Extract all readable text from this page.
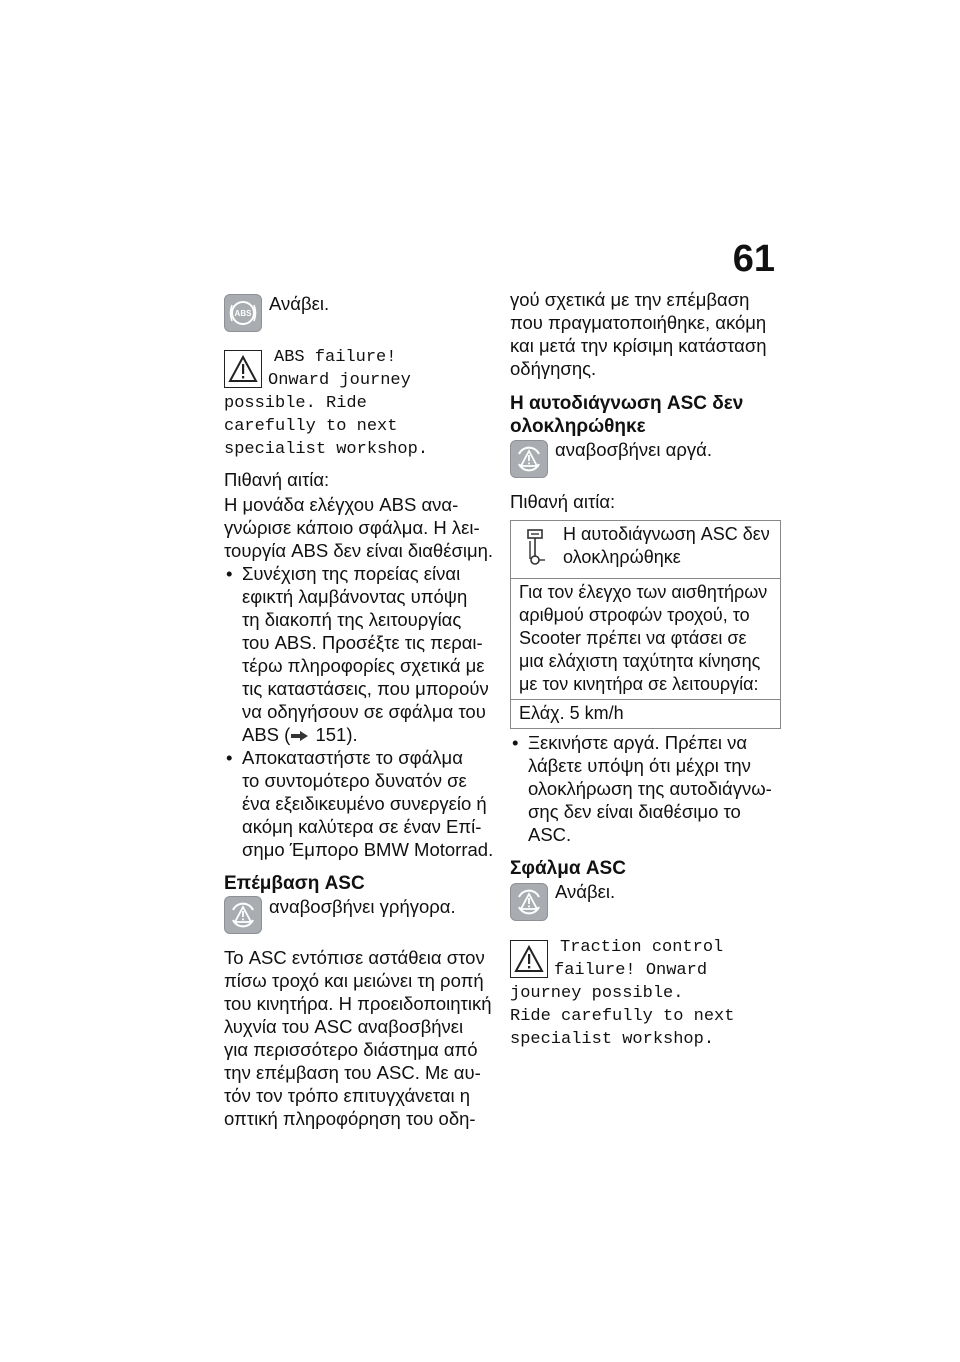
61
ABS Ανάβει.
ABS failure!
Onward journey
possible. Ride
carefully to next
specialist workshop.
Πιθανή αιτία:
Η μονάδα ελέγχου ABS ανα-
γνώρισε κάποιο σφάλμα. Η λει-
τουργία ABS δεν είναι διαθέσιμη.
• Συνέχιση της πορείας είναι
εφικτή λαμβάνοντας υπόψη
τη διακοπή της λειτουργίας
του ABS. Προσέξτε τις περαι-
τέρω πληροφορίες σχετικά με
τις καταστάσεις, που μπορούν
να οδηγήσουν σε σφάλμα του
ABS ( 151).
• Αποκαταστήστε το σφάλμα
το συντομότερο δυνατόν σε
ένα εξειδικευμένο συνεργείο ή
ακόμη καλύτερα σε έναν Επί-
σημο Έμπορο BMW Motorrad.
Επέμβαση ASC
αναβοσβήνει γρήγορα.
Το ASC εντόπισε αστάθεια στον
πίσω τροχό και μειώνει τη ροπή
του κινητήρα. Η προειδοποιητική
λυχνία του ASC αναβοσβήνει
για περισσότερο διάστημα από
την επέμβαση του ASC. Με αυ-
τόν τον τρόπο επιτυγχάνεται η
οπτική πληροφόρηση του οδη-
γού σχετικά με την επέμβαση
που πραγματοποιήθηκε, ακόμη
και μετά την κρίσιμη κατάσταση
οδήγησης.
Η αυτοδιάγνωση ASC δεν
ολοκληρώθηκε
αναβοσβήνει αργά.
Πιθανή αιτία:
Η αυτοδιάγνωση ASC δεν
ολοκληρώθηκε

Για τον έλεγχο των αισθητήρων
αριθμού στροφών τροχού, το
Scooter πρέπει να φτάσει σε
μια ελάχιστη ταχύτητα κίνησης
με τον κινητήρα σε λειτουργία:

Ελάχ. 5 km/h
• Ξεκινήστε αργά. Πρέπει να
λάβετε υπόψη ότι μέχρι την
ολοκλήρωση της αυτοδιάγνω-
σης δεν είναι διαθέσιμο το
ASC.
Σφάλμα ASC
Ανάβει.
Traction control
failure! Onward
journey possible.
Ride carefully to next
specialist workshop.
